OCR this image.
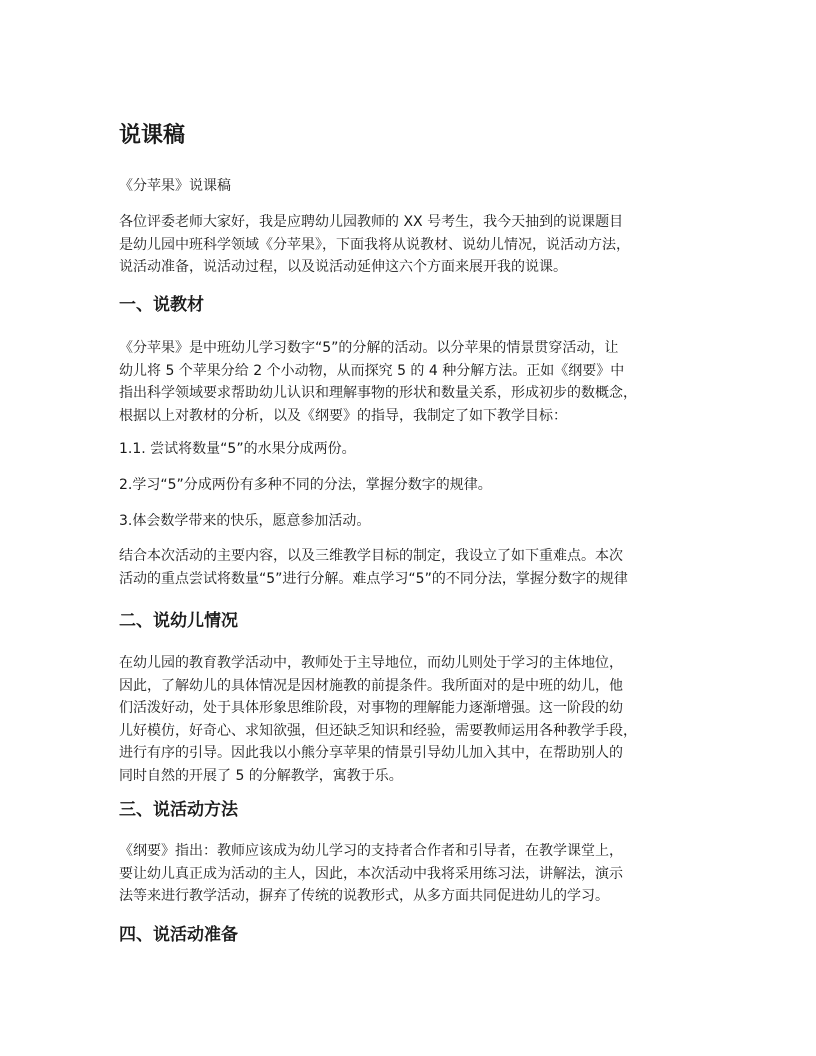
说课稿

《分苹果》说课稿

各位评委老师大家好，我是应聘幼儿园教师的 XX 号考生，我今天抽到的说课题目
是幼儿园中班科学领域《分苹果》，下面我将从说教材、说幼儿情况，说活动方法，
说活动准备，说活动过程，以及说活动延伸这六个方面来展开我的说课。

一、说教材

《分苹果》是中班幼儿学习数字“5”的分解的活动。以分苹果的情景贯穿活动，让
幼儿将 5 个苹果分给 2 个小动物，从而探究 5 的 4 种分解方法。正如《纲要》中
指出科学领域要求帮助幼儿认识和理解事物的形状和数量关系，形成初步的数概念，
根据以上对教材的分析，以及《纲要》的指导，我制定了如下教学目标：

1.1. 尝试将数量“5”的水果分成两份。

2.学习“5”分成两份有多种不同的分法，掌握分数字的规律。

3.体会数学带来的快乐，愿意参加活动。

结合本次活动的主要内容，以及三维教学目标的制定，我设立了如下重难点。本次
活动的重点尝试将数量“5”进行分解。难点学习“5”的不同分法，掌握分数字的规律

二、说幼儿情况

在幼儿园的教育教学活动中，教师处于主导地位，而幼儿则处于学习的主体地位，
因此，了解幼儿的具体情况是因材施教的前提条件。我所面对的是中班的幼儿，他
们活泼好动，处于具体形象思维阶段，对事物的理解能力逐渐增强。这一阶段的幼
儿好模仿，好奇心、求知欲强，但还缺乏知识和经验，需要教师运用各种教学手段，
进行有序的引导。因此我以小熊分享苹果的情景引导幼儿加入其中，在帮助别人的
同时自然的开展了 5 的分解教学，寓教于乐。

三、说活动方法

《纲要》指出：教师应该成为幼儿学习的支持者合作者和引导者，在教学课堂上，
要让幼儿真正成为活动的主人，因此，本次活动中我将采用练习法，讲解法，演示
法等来进行教学活动，摒弃了传统的说教形式，从多方面共同促进幼儿的学习。

四、说活动准备
